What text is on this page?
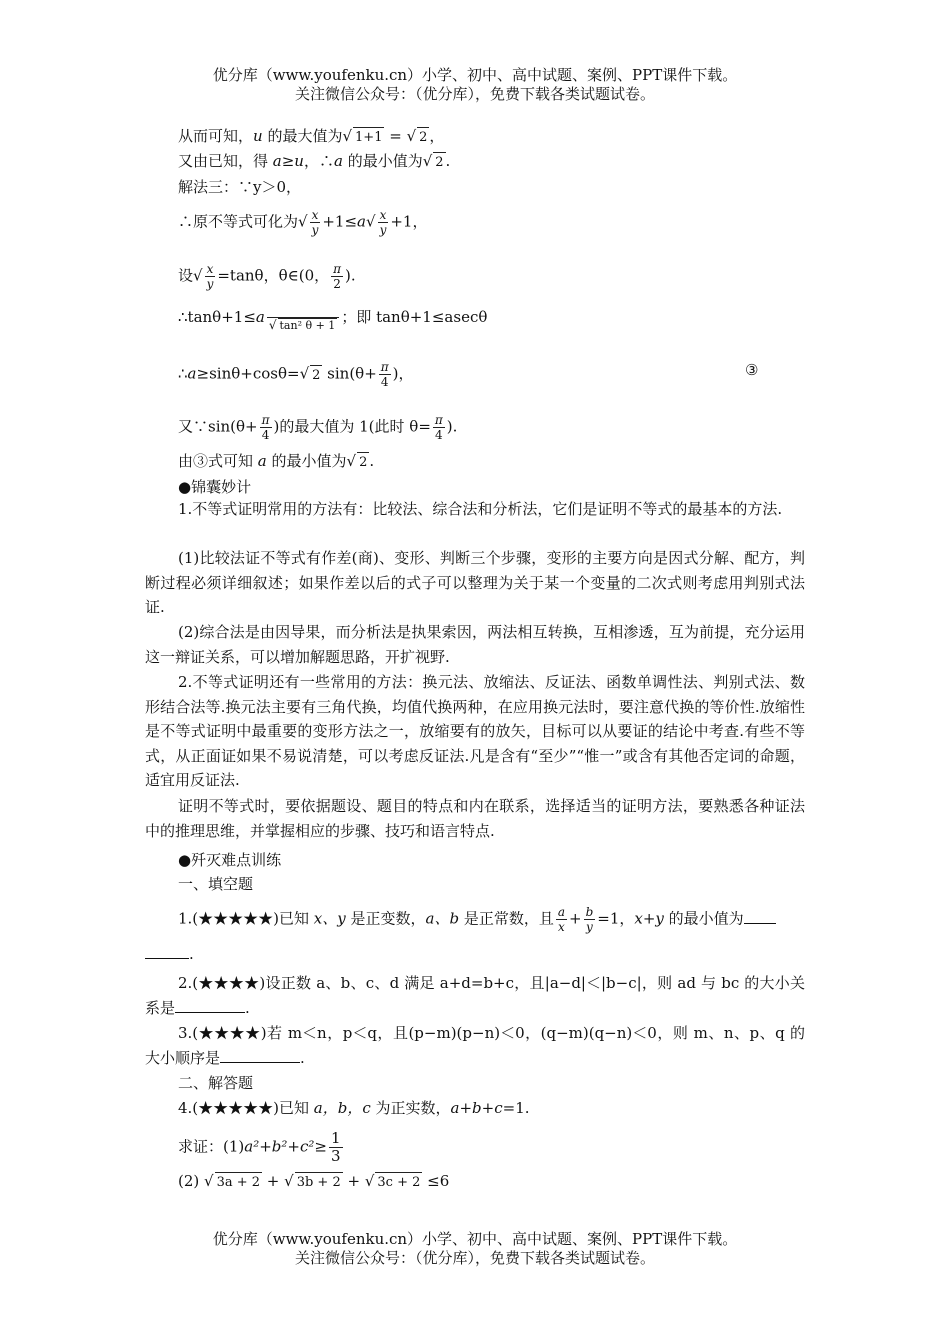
优分库（www.youfenku.cn）小学、初中、高中试题、案例、PPT课件下载。
关注微信公众号：（优分库），免费下载各类试题试卷。
从而可知，u 的最大值为√ 1+1 = √ 2 ，
又由已知，得 a≥u，∴a 的最小值为√ 2 .
解法三：∵y＞0，
∴原不等式可化为√ $\frac{x}{y} +1\le a√ \frac{x}{y} +1$，
设√ $\frac{x}{y} =\tan\theta$，θ∈(0， $\frac{\pi}{2}$ ).
∴tanθ+1≤a
√ tan² θ + 1 ；即 tanθ+1≤asecθ
∴a≥sinθ+cosθ=√ 2 $\sin(\theta+ \frac{\pi}{4}$ )，	③
又∵sin(θ+ $\frac{\pi}{4}$ )的最大值为 1(此时 $\theta= \frac{\pi}{4}$ ).
由③式可知 a 的最小值为√ 2 .
●锦囊妙计
1.不等式证明常用的方法有：比较法、综合法和分析法，它们是证明不等式的最基本的方法.
(1)比较法证不等式有作差(商)、变形、判断三个步骤，变形的主要方向是因式分解、配方，判断过程必须详细叙述；如果作差以后的式子可以整理为关于某一个变量的二次式则考虑用判别式法证.
(2)综合法是由因导果，而分析法是执果索因，两法相互转换，互相渗透，互为前提，充分运用这一辩证关系，可以增加解题思路，开扩视野.
2.不等式证明还有一些常用的方法：换元法、放缩法、反证法、函数单调性法、判别式法、数形结合法等.换元法主要有三角代换，均值代换两种，在应用换元法时，要注意代换的等价性.放缩性是不等式证明中最重要的变形方法之一，放缩要有的放矢，目标可以从要证的结论中考查.有些不等式，从正面证如果不易说清楚，可以考虑反证法.凡是含有“至少”“惟一”或含有其他否定词的命题，适宜用反证法.
证明不等式时，要依据题设、题目的特点和内在联系，选择适当的证明方法，要熟悉各种证法中的推理思维，并掌握相应的步骤、技巧和语言特点.
●歼灭难点训练
一、填空题
1.(★★★★★)已知 x、y 是正变数，a、b 是正常数，且 $\frac{a}{x} + \frac{b}{y} =1$，x+y 的最小值为
.
2.(★★★★)设正数 a、b、c、d 满足 a+d=b+c，且|a−d|＜|b−c|，则 ad 与 bc 的大小关系是	.
3.(★★★★)若 m＜n，p＜q，且(p−m)(p−n)＜0，(q−m)(q−n)＜0，则 m、n、p、q 的大小顺序是	.
二、解答题
4.(★★★★★)已知 a，b，c 为正实数，a+b+c=1.
求证：$(1)a^2+b^2+c^2\ge \frac{1}{3}$
(2) √ 3a + 2 + √ 3b + 2 + √ 3c + 2 ≤6
优分库（www.youfenku.cn）小学、初中、高中试题、案例、PPT课件下载。
关注微信公众号：（优分库），免费下载各类试题试卷。
